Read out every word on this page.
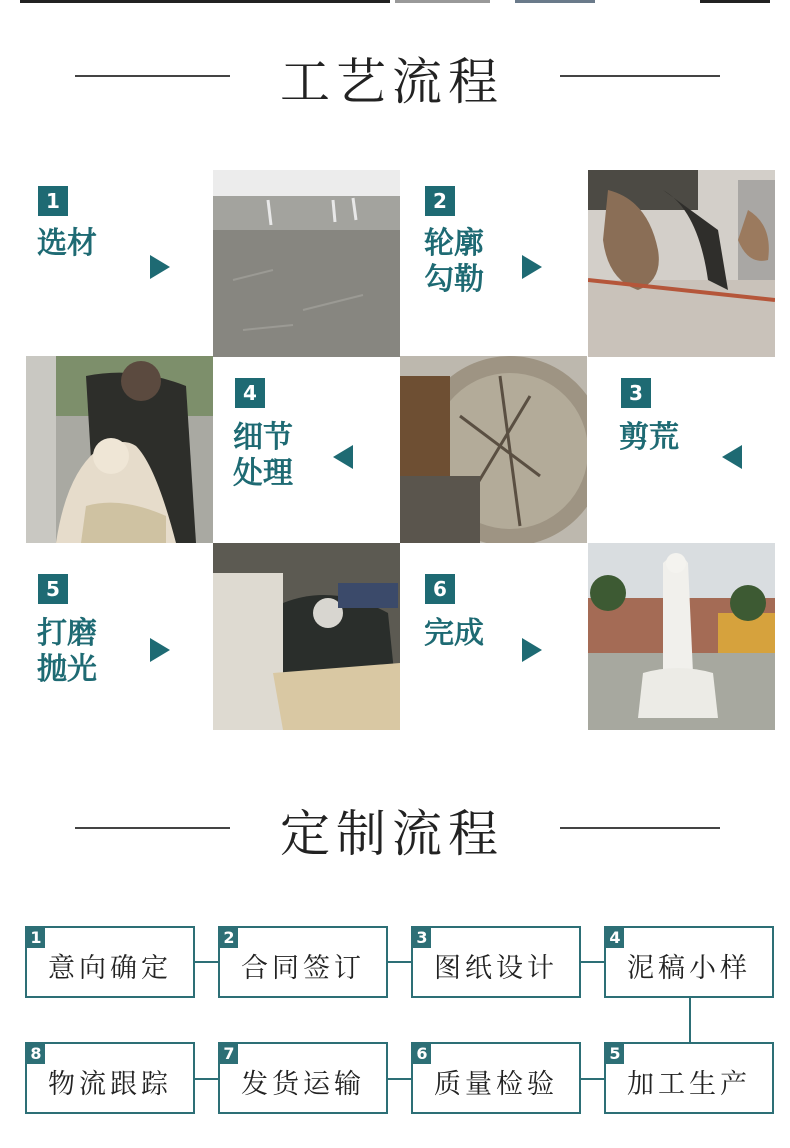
工艺流程
1
选材
2
轮廓
勾勒
3
剪荒
4
细节
处理
5
打磨
抛光
6
完成
定制流程
1
意向确定
2
合同签订
3
图纸设计
4
泥稿小样
5
加工生产
6
质量检验
7
发货运输
8
物流跟踪
